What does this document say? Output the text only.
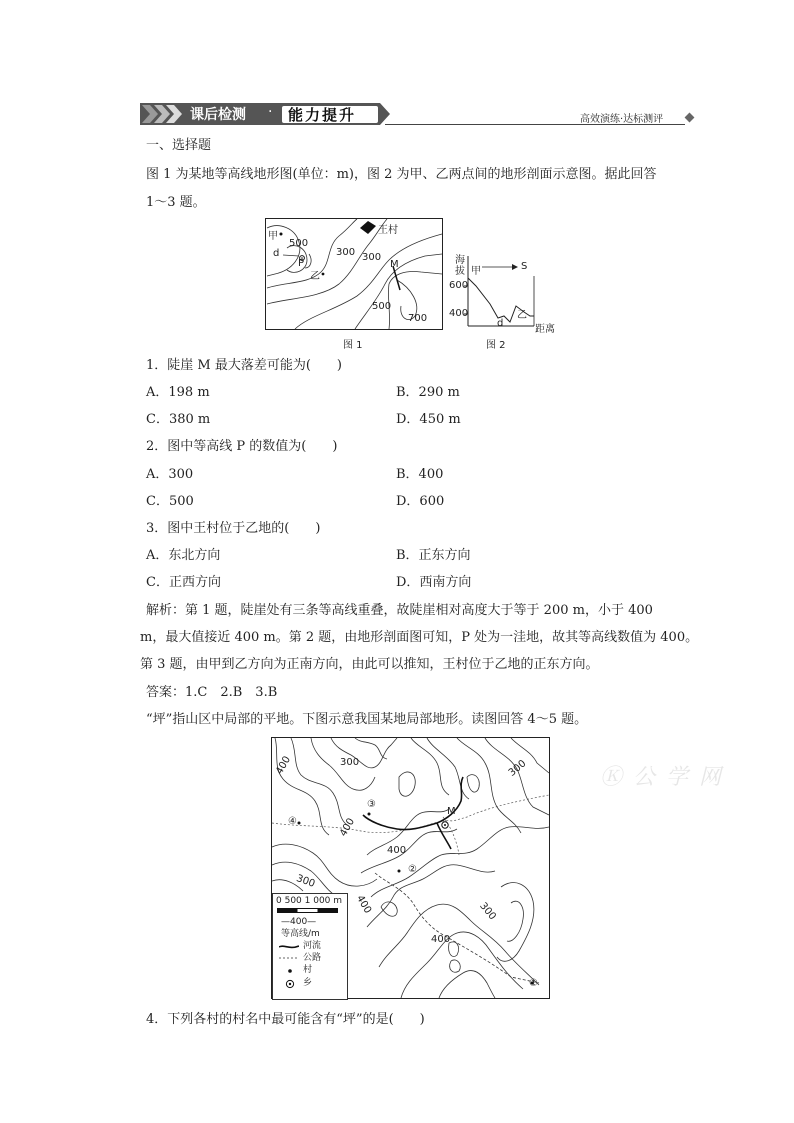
课后检测 · 能力提升	高效演练·达标测评
一、选择题
图 1 为某地等高线地形图(单位：m)，图 2 为甲、乙两点间的地形剖面示意图。据此回答
1～3 题。
甲
500
d
P
300
王村
乙
300
M
500
700
图 1
海
拔 甲	S
600
400
d
乙
距离
图 2
1．陡崖 M 最大落差可能为(　　)
A．198 m	B．290 m
C．380 m	D．450 m
2．图中等高线 P 的数值为(　　)
A．300	B．400
C．500	D．600
3．图中王村位于乙地的(　　)
A．东北方向	B．正东方向
C．正西方向	D．西南方向
解析：第 1 题，陡崖处有三条等高线重叠，故陡崖相对高度大于等于 200 m，小于 400
m，最大值接近 400 m。第 2 题，由地形剖面图可知，P 处为一洼地，故其等高线数值为 400。
第 3 题，由甲到乙方向为正南方向，由此可以推知，王村位于乙地的正东方向。
答案：1.C　2.B　3.B
“坪”指山区中局部的平地。下图示意我国某地局部地形。读图回答 4～5 题。
400	300	300
③
M
④	400
400
300
②
300
400
400
①
0 500 1 000 m
—400—
等高线/m
河流
公路
村
乡
Ⓚ 公 学 网
4．下列各村的村名中最可能含有“坪”的是(　　)
